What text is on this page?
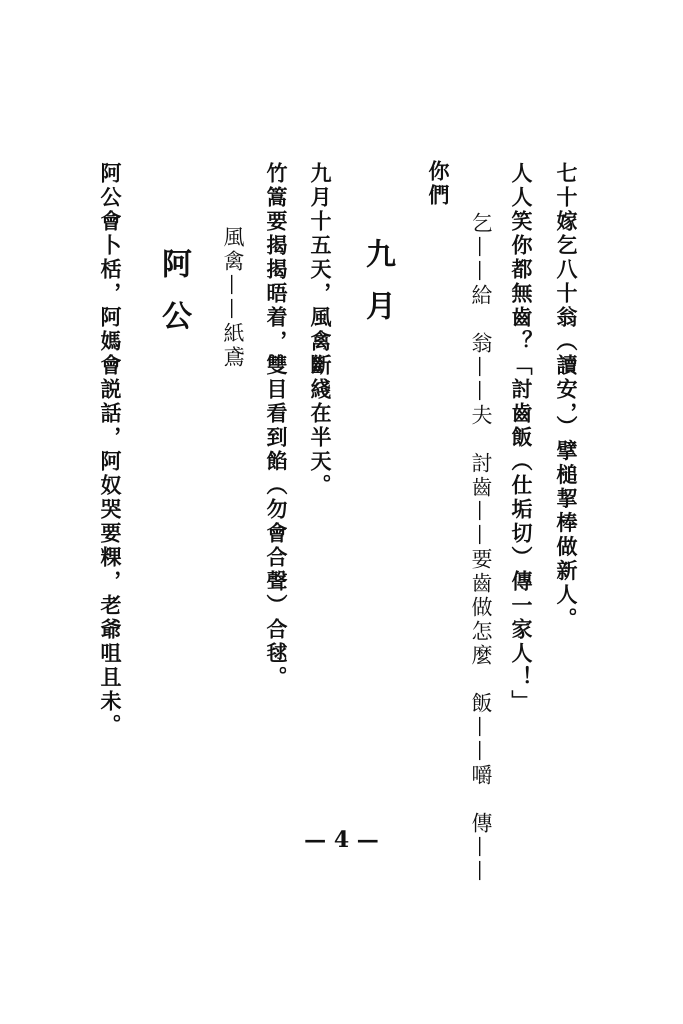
七十嫁乞八十翁（讀安，）擘槌挈棒做新人。
人人笑你都無齒？「討齒飯（仕垢切）傳一家人！」
你們
乞——給　翁——夫　討齒——要齒做怎麼　飯——嚼　傳——
九月
九月十五天，風禽斷綫在半天。
竹篙要揭揭晤着，雙目看到餡（勿會合聲）合毬。
風禽——紙鳶
阿公
阿公會卜栝，阿媽會説話，阿奴哭要粿，老爺咀且未。
— 4 —
